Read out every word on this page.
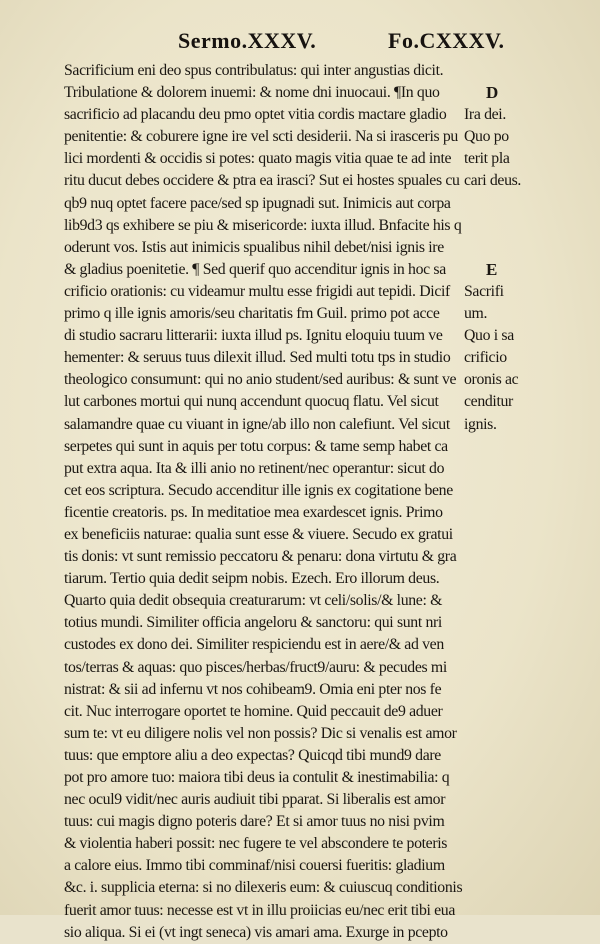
Sermo.XXXV.	Fo.CXXXV.
Sacrificium eni deo spus contribulatus: qui inter angustias dicit.
Tribulatione & dolorem inuemi: & nome dni inuocaui. ¶In quo
sacrificio ad placandu deu pmo optet vitia cordis mactare gladio
penitentie: & coburere igne ire vel scti desiderii. Na si irasceris pu
lici mordenti & occidis si potes: quato magis vitia quae te ad inte
ritu ducut debes occidere & ptra ea irasci? Sut ei hostes spuales cu
qb9 nuq optet facere pace/sed sp ipugnadi sut. Inimicis aut corpa
lib9d3 qs exhibere se piu & misericorde: iuxta illud. Bnfacite his q
oderunt vos. Istis aut inimicis spualibus nihil debet/nisi ignis ire
& gladius poenitetie. ¶ Sed querif quo accenditur ignis in hoc sa
crificio orationis: cu videamur multu esse frigidi aut tepidi. Dicif
primo q ille ignis amoris/seu charitatis fm Guil. primo pot acce
di studio sacraru litterarii: iuxta illud ps. Ignitu eloquiu tuum ve
hementer: & seruus tuus dilexit illud. Sed multi totu tps in studio
theologico consumunt: qui no anio student/sed auribus: & sunt ve
lut carbones mortui qui nunq accendunt quocuq flatu. Vel sicut
salamandre quae cu viuant in igne/ab illo non calefiunt. Vel sicut
serpetes qui sunt in aquis per totu corpus: & tame semp habet ca
put extra aqua. Ita & illi anio no retinent/nec operantur: sicut do
cet eos scriptura. Secudo accenditur ille ignis ex cogitatione bene
ficentie creatoris. ps. In meditatioe mea exardescet ignis. Primo
ex beneficiis naturae: qualia sunt esse & viuere. Secudo ex gratui
tis donis: vt sunt remissio peccatoru & penaru: dona virtutu & gra
tiarum. Tertio quia dedit seipm nobis. Ezech. Ero illorum deus.
Quarto quia dedit obsequia creaturarum: vt celi/solis/& lune: &
totius mundi. Similiter officia angeloru & sanctoru: qui sunt nri
custodes ex dono dei. Similiter respiciendu est in aere/& ad ven
tos/terras & aquas: quo pisces/herbas/fruct9/auru: & pecudes mi
nistrat: & sii ad infernu vt nos cohibeam9. Omia eni pter nos fe
cit. Nuc interrogare oportet te homine. Quid peccauit de9 aduer
sum te: vt eu diligere nolis vel non possis? Dic si venalis est amor
tuus: que emptore aliu a deo expectas? Quicqd tibi mund9 dare
pot pro amore tuo: maiora tibi deus ia contulit & inestimabilia: q
nec ocul9 vidit/nec auris audiuit tibi pparat. Si liberalis est amor
tuus: cui magis digno poteris dare? Et si amor tuus no nisi pvim
& violentia haberi possit: nec fugere te vel abscondere te poteris
a calore eius. Immo tibi comminaf/nisi couersi fueritis: gladium
&c. i. supplicia eterna: si no dilexeris eum: & cuiuscuq conditionis
fuerit amor tuus: necesse est vt in illu proiicias eu/nec erit tibi eua
sio aliqua. Si ei (vt ingt seneca) vis amari ama. Exurge in pcepto
D
Ira dei.
Quo po
terit pla
cari deus.
E
Sacrifi
um.
Quo i sa
crificio
oronis ac
cenditur
ignis.
